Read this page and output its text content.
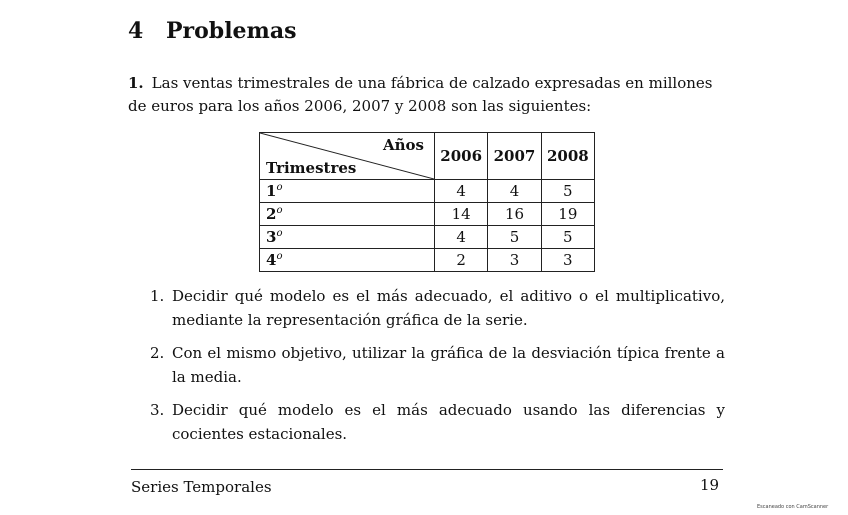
4 Problemas
1. Las ventas trimestrales de una fábrica de calzado expresadas en millones de euros para los años 2006, 2007 y 2008 son las siguientes:
Años
Trimestres	2006	2007	2008
1$^o$	4	4	5
2$^o$	14	16	19
3$^o$	4	5	5
4$^o$	2	3	3
1. Decidir qué modelo es el más adecuado, el aditivo o el multiplicativo, mediante la representación gráfica de la serie.
2. Con el mismo objetivo, utilizar la gráfica de la desviación típica frente a la media.
3. Decidir qué modelo es el más adecuado usando las diferencias y cocientes estacionales.
Series Temporales	19
Escaneado con CamScanner
